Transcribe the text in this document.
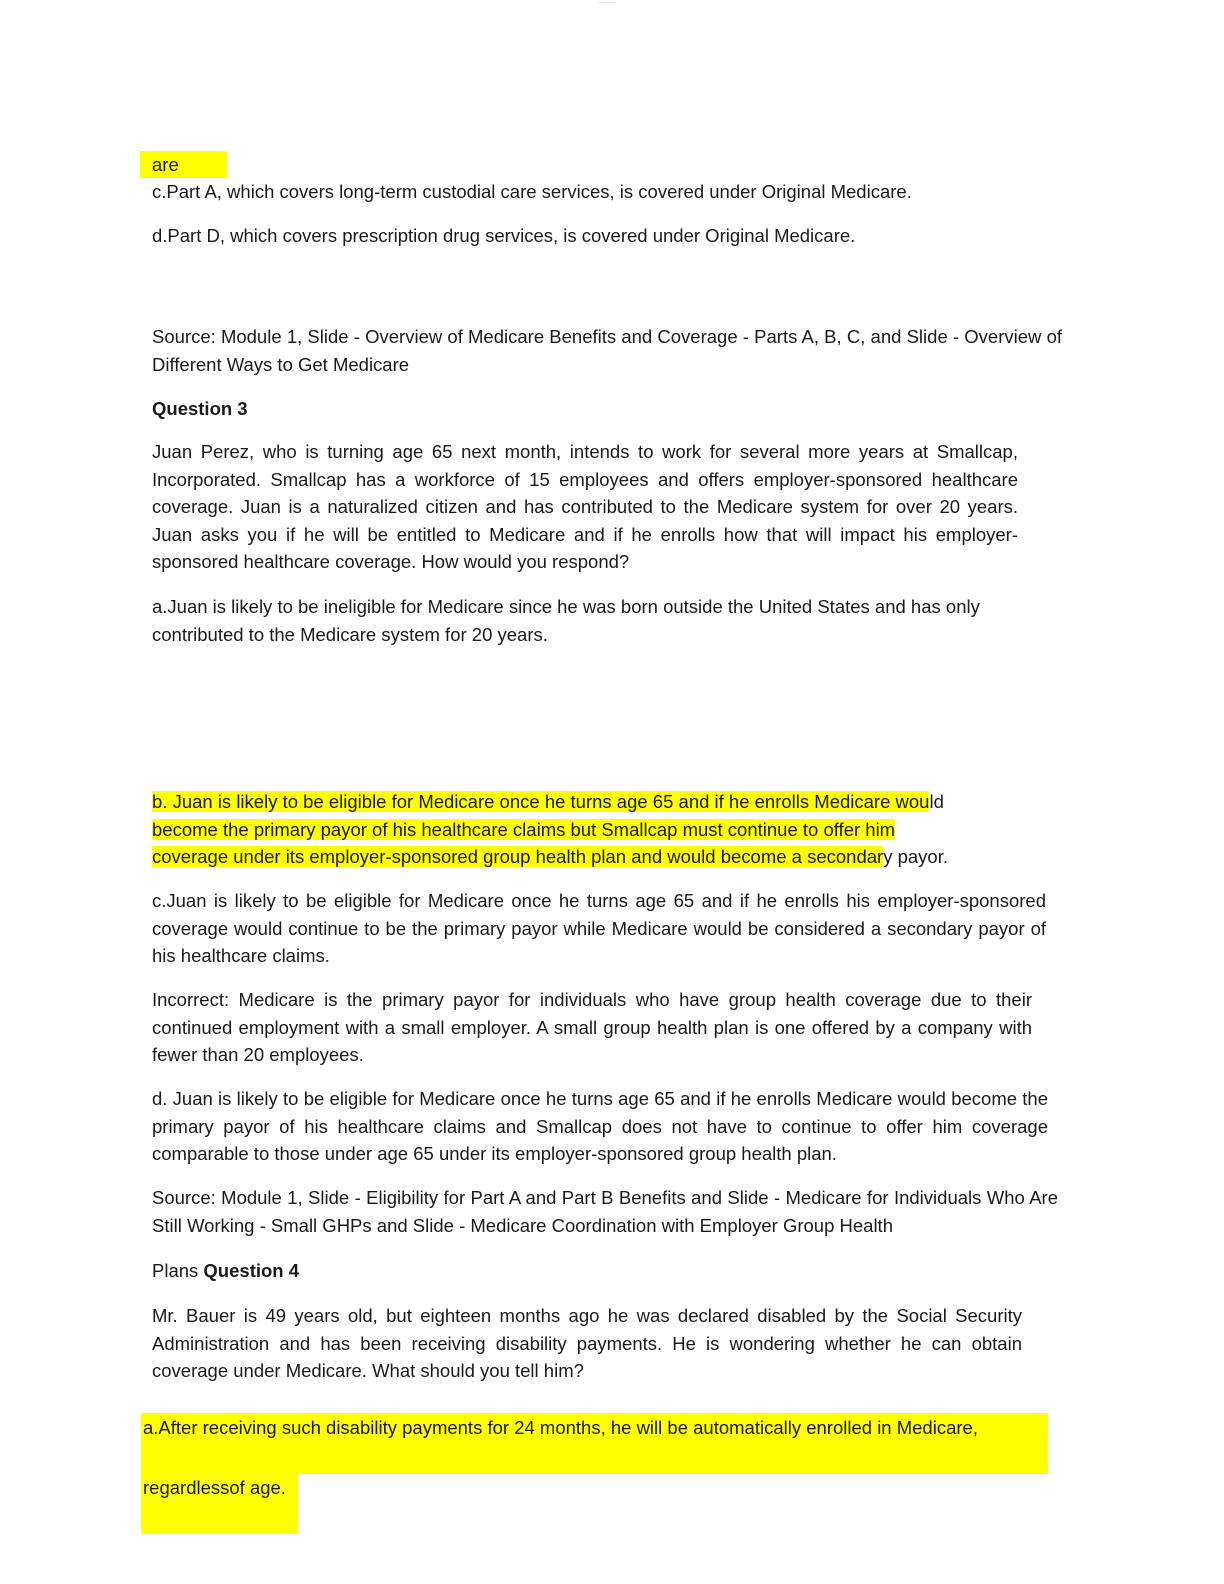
·············

are

c.Part A, which covers long-term custodial care services, is covered under Original Medicare.

d.Part D, which covers prescription drug services, is covered under Original Medicare.

Source: Module 1, Slide - Overview of Medicare Benefits and Coverage - Parts A, B, C, and Slide - Overview of Different Ways to Get Medicare

Question 3

Juan Perez, who is turning age 65 next month, intends to work for several more years at Smallcap, Incorporated. Smallcap has a workforce of 15 employees and offers employer-sponsored healthcare coverage. Juan is a naturalized citizen and has contributed to the Medicare system for over 20 years. Juan asks you if he will be entitled to Medicare and if he enrolls how that will impact his employer- sponsored healthcare coverage. How would you respond?

a.Juan is likely to be ineligible for Medicare since he was born outside the United States and has only contributed to the Medicare system for 20 years.

b. Juan is likely to be eligible for Medicare once he turns age 65 and if he enrolls Medicare would
become the primary payor of his healthcare claims but Smallcap must continue to offer him
coverage under its employer-sponsored group health plan and would become a secondary payor.

c.Juan is likely to be eligible for Medicare once he turns age 65 and if he enrolls his employer-sponsored coverage would continue to be the primary payor while Medicare would be considered a secondary payor of his healthcare claims.

Incorrect: Medicare is the primary payor for individuals who have group health coverage due to their continued employment with a small employer. A small group health plan is one offered by a company with fewer than 20 employees.

d. Juan is likely to be eligible for Medicare once he turns age 65 and if he enrolls Medicare would become the primary payor of his healthcare claims and Smallcap does not have to continue to offer him coverage comparable to those under age 65 under its employer-sponsored group health plan.

Source: Module 1, Slide - Eligibility for Part A and Part B Benefits and Slide - Medicare for Individuals Who Are Still Working - Small GHPs and Slide - Medicare Coordination with Employer Group Health

Plans Question 4

Mr. Bauer is 49 years old, but eighteen months ago he was declared disabled by the Social Security Administration and has been receiving disability payments. He is wondering whether he can obtain coverage under Medicare. What should you tell him?

a.After receiving such disability payments for 24 months, he will be automatically enrolled in Medicare,

regardlessof age.
